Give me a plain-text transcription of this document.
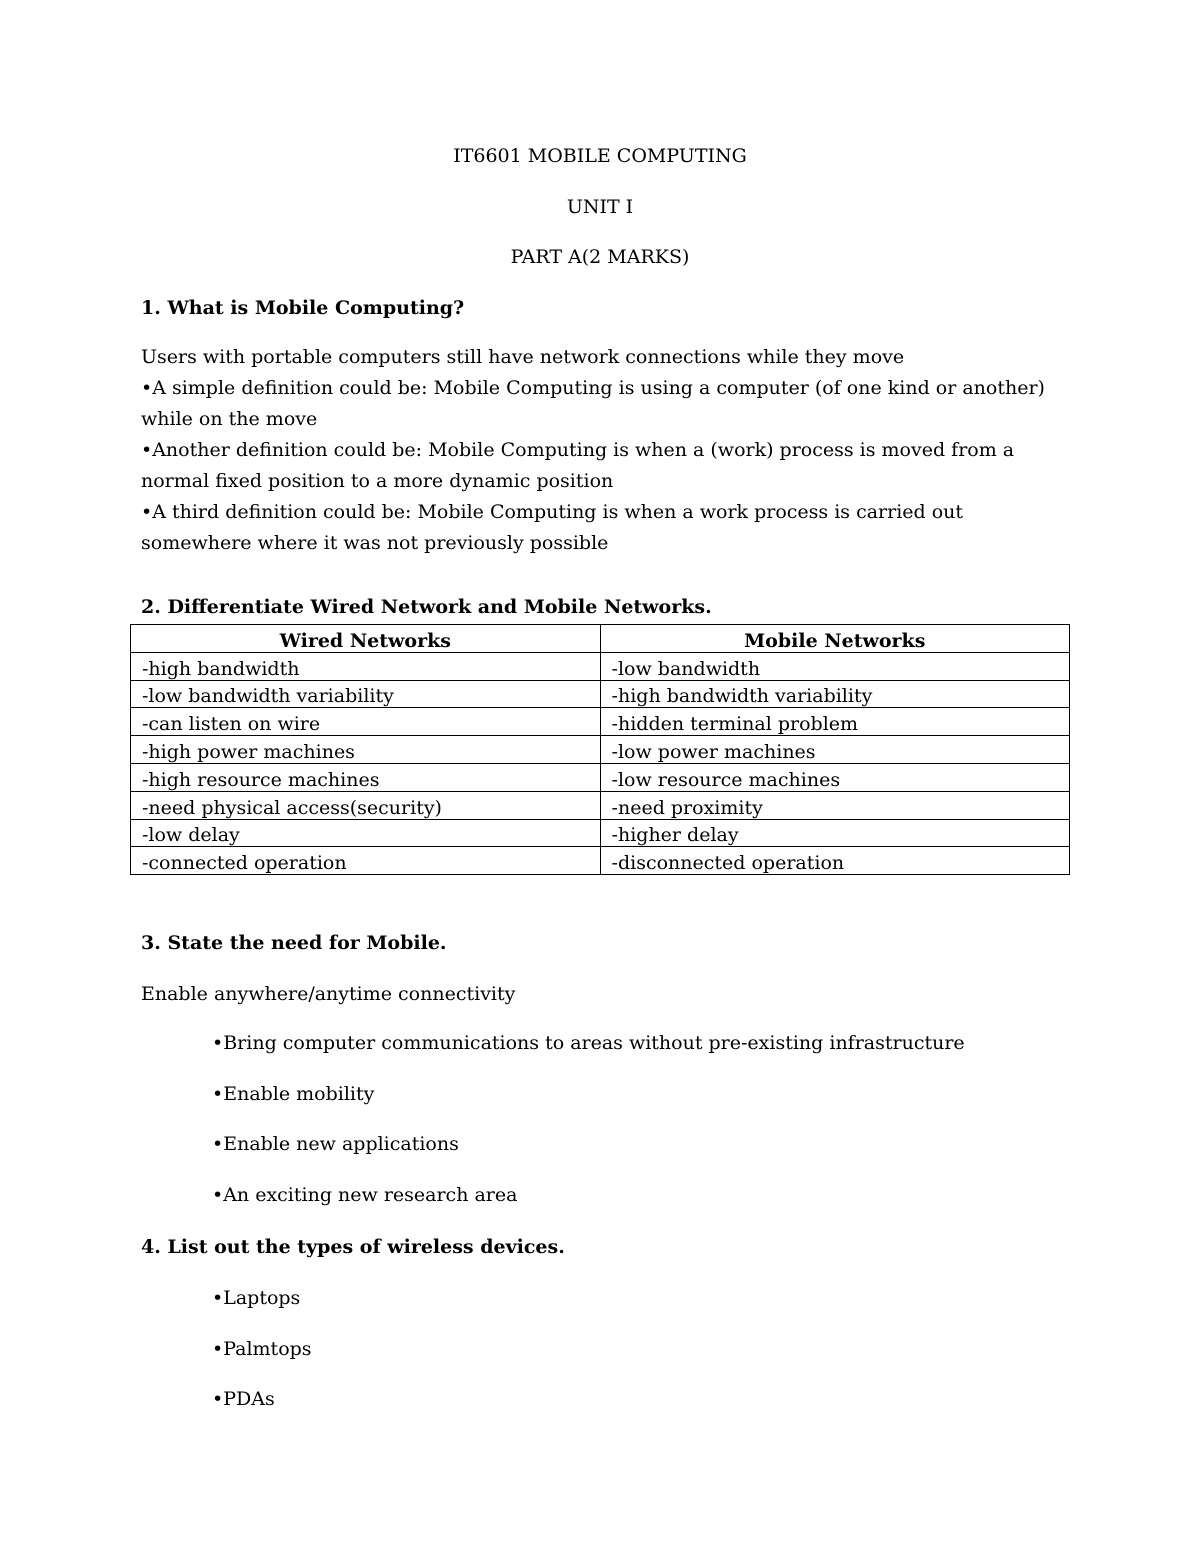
IT6601 MOBILE COMPUTING
UNIT I
PART A(2 MARKS)
1. What is Mobile Computing?
Users with portable computers still have network connections while they move
•A simple definition could be: Mobile Computing is using a computer (of one kind or another)
while on the move
•Another definition could be: Mobile Computing is when a (work) process is moved from a
normal fixed position to a more dynamic position
•A third definition could be: Mobile Computing is when a work process is carried out
somewhere where it was not previously possible
2. Differentiate Wired Network and Mobile Networks.
Wired Networks	Mobile Networks
-high bandwidth	-low bandwidth
-low bandwidth variability	-high bandwidth variability
-can listen on wire	-hidden terminal problem
-high power machines	-low power machines
-high resource machines	-low resource machines
-need physical access(security)	-need proximity
-low delay	-higher delay
-connected operation	-disconnected operation
3. State the need for Mobile.
Enable anywhere/anytime connectivity
•Bring computer communications to areas without pre-existing infrastructure
•Enable mobility
•Enable new applications
•An exciting new research area
4. List out the types of wireless devices.
•Laptops
•Palmtops
•PDAs
